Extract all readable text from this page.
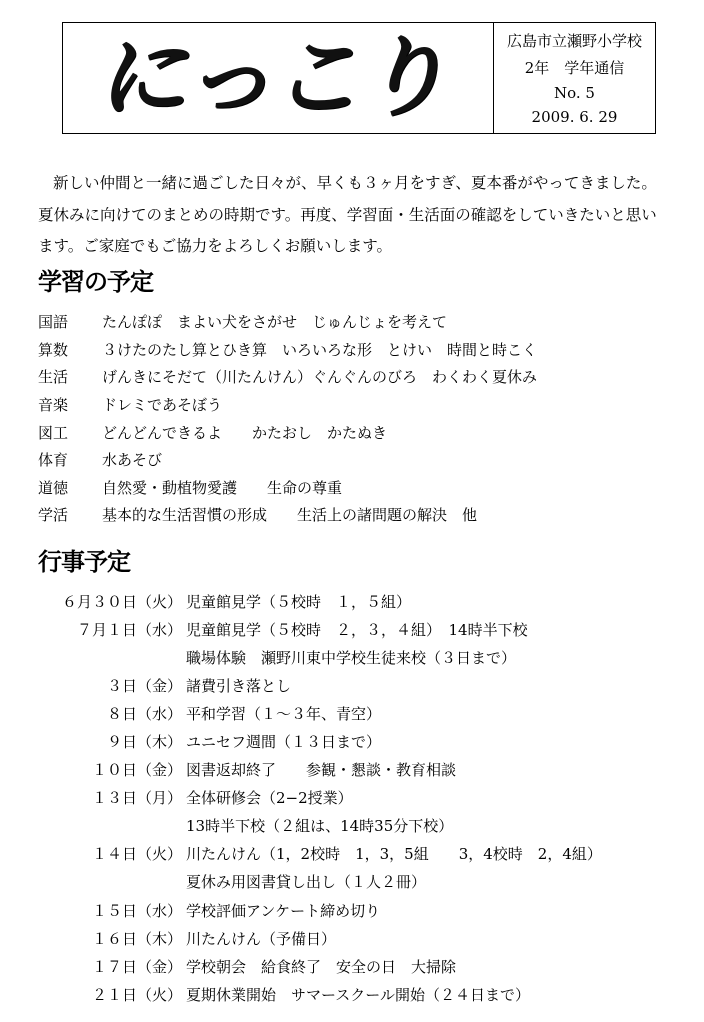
にっこり	広島市立瀬野小学校
2年　学年通信
No. 5
2009. 6. 29

新しい仲間と一緒に過ごした日々が、早くも３ヶ月をすぎ、夏本番がやってきました。夏休みに向けてのまとめの時期です。再度、学習面・生活面の確認をしていきたいと思います。ご家庭でもご協力をよろしくお願いします。

学習の予定
国語	たんぽぽ　まよい犬をさがせ　じゅんじょを考えて
算数	３けたのたし算とひき算　いろいろな形　とけい　時間と時こく
生活	げんきにそだて（川たんけん）ぐんぐんのびろ　わくわく夏休み
音楽	ドレミであそぼう
図工	どんどんできるよ　　かたおし　かたぬき
体育	水あそび
道徳	自然愛・動植物愛護　　生命の尊重
学活	基本的な生活習慣の形成　　生活上の諸問題の解決　他
行事予定
６月３０日（火） 児童館見学（５校時　１，５組）
７月１日（水） 児童館見学（５校時　２，３，４組）　14時半下校
職場体験　瀬野川東中学校生徒来校（３日まで）
３日（金） 諸費引き落とし
８日（水） 平和学習（１～３年、青空）
９日（木） ユニセフ週間（１３日まで）
１０日（金） 図書返却終了　　参観・懇談・教育相談
１３日（月） 全体研修会（2−2授業）
13時半下校（２組は、14時35分下校）
１４日（火） 川たんけん（1，2校時　1，3，5組　　3，4校時　2，4組）
夏休み用図書貸し出し（１人２冊）
１５日（水） 学校評価アンケート締め切り
１６日（木） 川たんけん（予備日）
１７日（金） 学校朝会　給食終了　安全の日　大掃除
２１日（火） 夏期休業開始　サマースクール開始（２４日まで）
